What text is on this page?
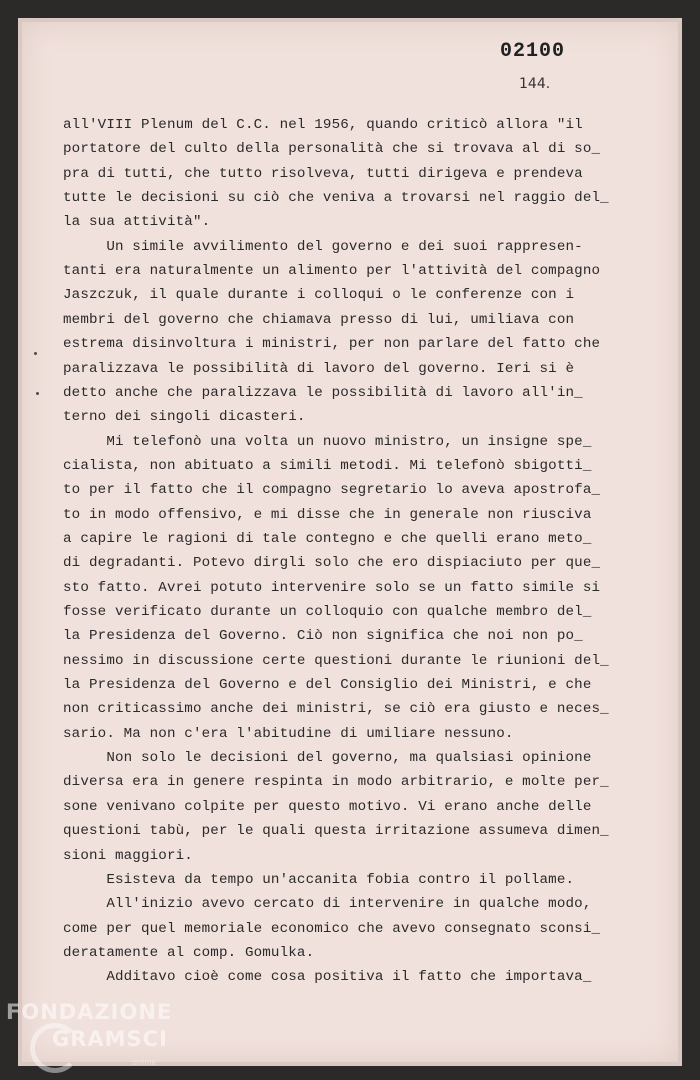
02100
144.
all'VIII Plenum del C.C. nel 1956, quando criticò allora "il
portatore del culto della personalità che si trovava al di so_
pra di tutti, che tutto risolveva, tutti dirigeva e prendeva
tutte le decisioni su ciò che veniva a trovarsi nel raggio del_
la sua attività".
Un simile avvilimento del governo e dei suoi rappresen-
tanti era naturalmente un alimento per l'attività del compagno
Jaszczuk, il quale durante i colloqui o le conferenze con i
membri del governo che chiamava presso di lui, umiliava con
estrema disinvoltura i ministri, per non parlare del fatto che
paralizzava le possibilità di lavoro del governo. Ieri si è
detto anche che paralizzava le possibilità di lavoro all'in_
terno dei singoli dicasteri.
Mi telefonò una volta un nuovo ministro, un insigne spe_
cialista, non abituato a simili metodi. Mi telefonò sbigotti_
to per il fatto che il compagno segretario lo aveva apostrofa_
to in modo offensivo, e mi disse che in generale non riusciva
a capire le ragioni di tale contegno e che quelli erano meto_
di degradanti. Potevo dirgli solo che ero dispiaciuto per que_
sto fatto. Avrei potuto intervenire solo se un fatto simile si
fosse verificato durante un colloquio con qualche membro del_
la Presidenza del Governo. Ciò non significa che noi non po_
nessimo in discussione certe questioni durante le riunioni del_
la Presidenza del Governo e del Consiglio dei Ministri, e che
non criticassimo anche dei ministri, se ciò era giusto e neces_
sario. Ma non c'era l'abitudine di umiliare nessuno.
Non solo le decisioni del governo, ma qualsiasi opinione
diversa era in genere respinta in modo arbitrario, e molte per_
sone venivano colpite per questo motivo. Vi erano anche delle
questioni tabù, per le quali questa irritazione assumeva dimen_
sioni maggiori.
Esisteva da tempo un'accanita fobia contro il pollame.
All'inizio avevo cercato di intervenire in qualche modo,
come per quel memoriale economico che avevo consegnato sconsi_
deratamente al comp. Gomulka.
Additavo cioè come cosa positiva il fatto che importava_
FONDAZIONE
GRAMSCI
online
